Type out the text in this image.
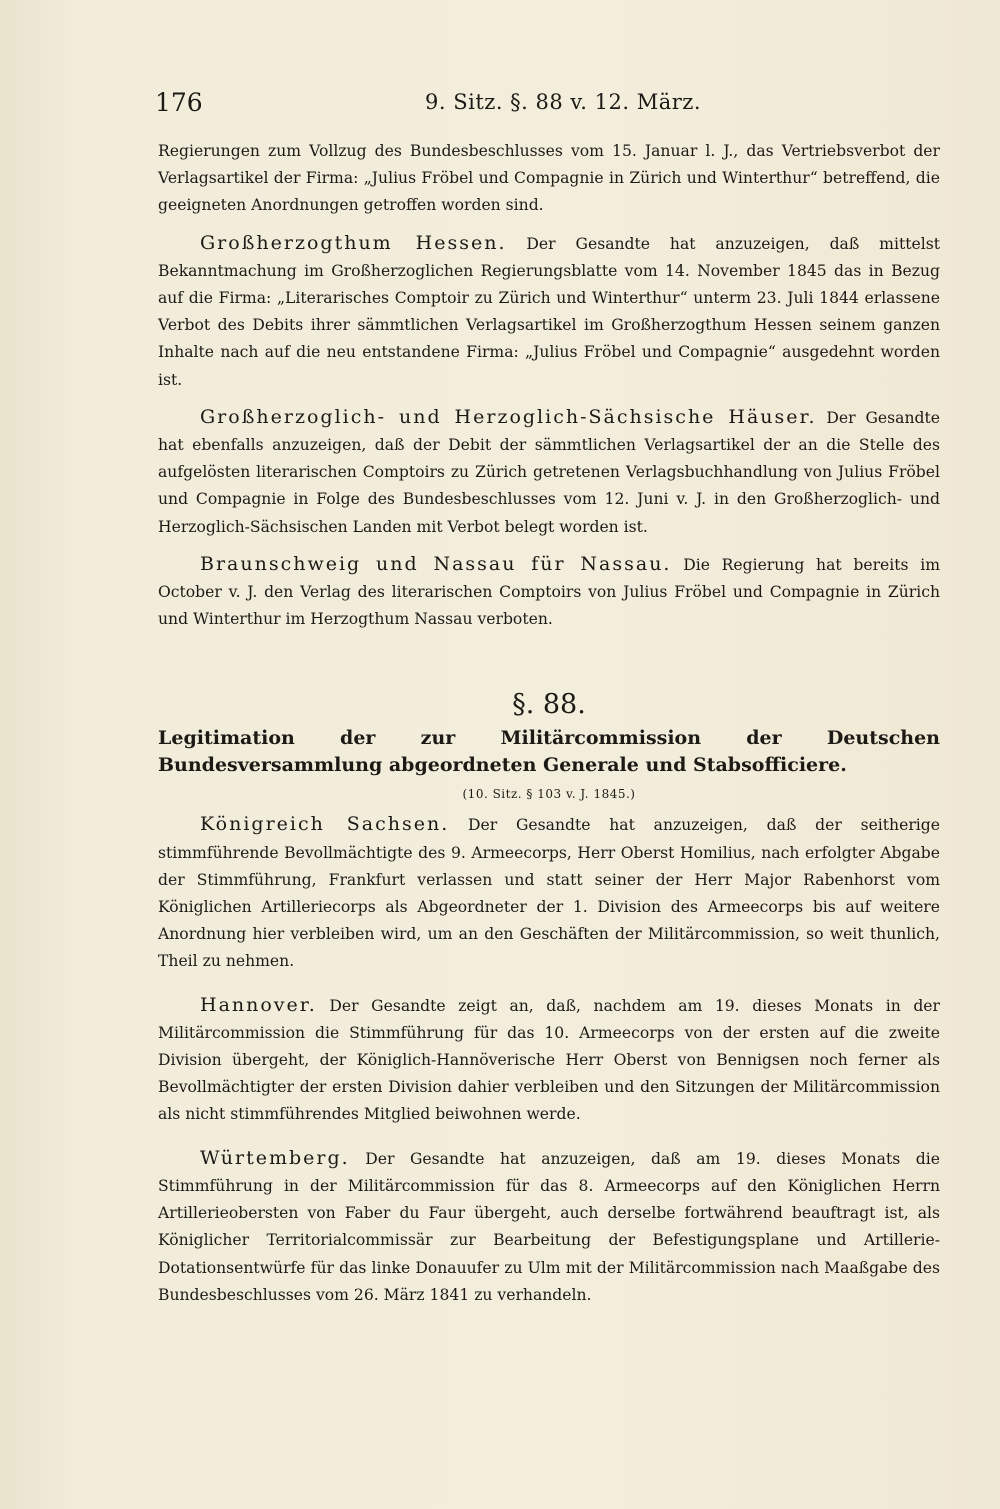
176	9. Sitz. §. 88 v. 12. März.

Regierungen zum Vollzug des Bundesbeschlusses vom 15. Januar l. J., das Vertriebsverbot der Verlagsartikel der Firma: „Julius Fröbel und Compagnie in Zürich und Winterthur“ betreffend, die geeigneten Anordnungen getroffen worden sind.

Großherzogthum Hessen. Der Gesandte hat anzuzeigen, daß mittelst Bekanntmachung im Großherzoglichen Regierungsblatte vom 14. November 1845 das in Bezug auf die Firma: „Literarisches Comptoir zu Zürich und Winterthur“ unterm 23. Juli 1844 erlassene Verbot des Debits ihrer sämmtlichen Verlagsartikel im Großherzogthum Hessen seinem ganzen Inhalte nach auf die neu entstandene Firma: „Julius Fröbel und Compagnie“ ausgedehnt worden ist.

Großherzoglich- und Herzoglich-Sächsische Häuser. Der Gesandte hat ebenfalls anzuzeigen, daß der Debit der sämmtlichen Verlagsartikel der an die Stelle des aufgelösten literarischen Comptoirs zu Zürich getretenen Verlagsbuchhandlung von Julius Fröbel und Compagnie in Folge des Bundesbeschlusses vom 12. Juni v. J. in den Großherzoglich- und Herzoglich-Sächsischen Landen mit Verbot belegt worden ist.

Braunschweig und Nassau für Nassau. Die Regierung hat bereits im October v. J. den Verlag des literarischen Comptoirs von Julius Fröbel und Compagnie in Zürich und Winterthur im Herzogthum Nassau verboten.

§. 88.

Legitimation der zur Militärcommission der Deutschen Bundesversammlung abgeordneten Generale und Stabsofficiere.

(10. Sitz. § 103 v. J. 1845.)

Königreich Sachsen. Der Gesandte hat anzuzeigen, daß der seitherige stimmführende Bevollmächtigte des 9. Armeecorps, Herr Oberst Homilius, nach erfolgter Abgabe der Stimmführung, Frankfurt verlassen und statt seiner der Herr Major Rabenhorst vom Königlichen Artilleriecorps als Abgeordneter der 1. Division des Armeecorps bis auf weitere Anordnung hier verbleiben wird, um an den Geschäften der Militärcommission, so weit thunlich, Theil zu nehmen.

Hannover. Der Gesandte zeigt an, daß, nachdem am 19. dieses Monats in der Militärcommission die Stimmführung für das 10. Armeecorps von der ersten auf die zweite Division übergeht, der Königlich-Hannöverische Herr Oberst von Bennigsen noch ferner als Bevollmächtigter der ersten Division dahier verbleiben und den Sitzungen der Militärcommission als nicht stimmführendes Mitglied beiwohnen werde.

Würtemberg. Der Gesandte hat anzuzeigen, daß am 19. dieses Monats die Stimmführung in der Militärcommission für das 8. Armeecorps auf den Königlichen Herrn Artillerieobersten von Faber du Faur übergeht, auch derselbe fortwährend beauftragt ist, als Königlicher Territorialcommissär zur Bearbeitung der Befestigungsplane und Artillerie-Dotationsentwürfe für das linke Donauufer zu Ulm mit der Militärcommission nach Maaßgabe des Bundesbeschlusses vom 26. März 1841 zu verhandeln.
